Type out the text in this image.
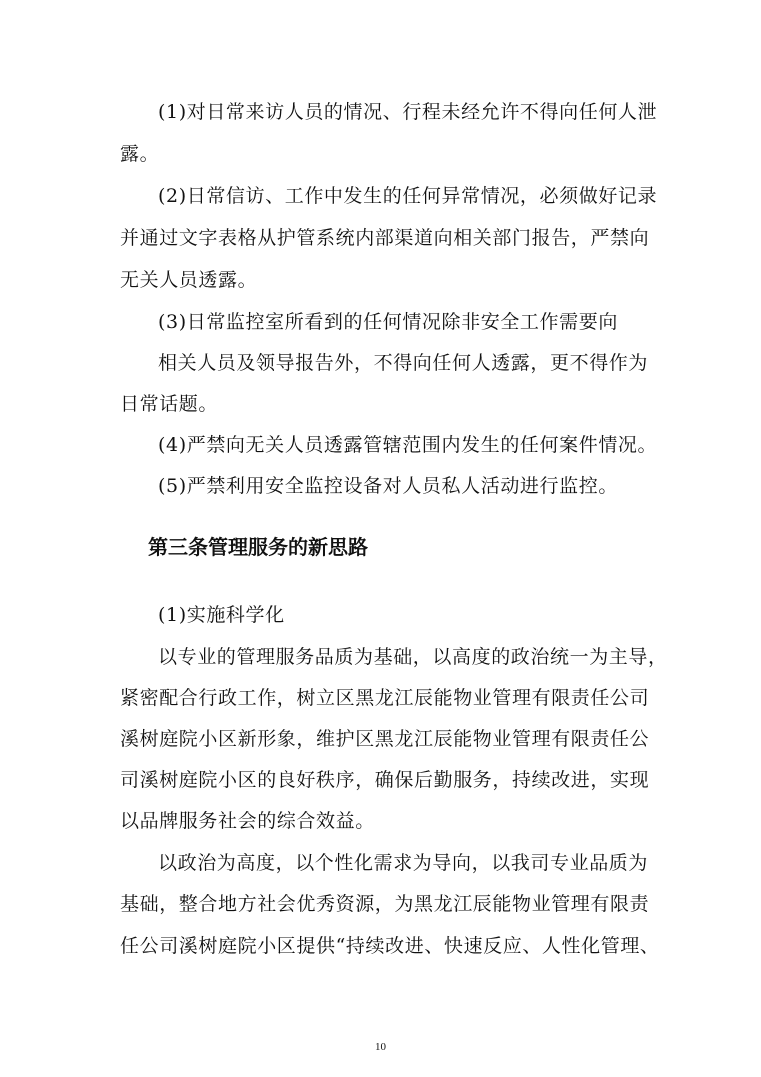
(1)对日常来访人员的情况、行程未经允许不得向任何人泄
露。
(2)日常信访、工作中发生的任何异常情况，必须做好记录
并通过文字表格从护管系统内部渠道向相关部门报告，严禁向
无关人员透露。
(3)日常监控室所看到的任何情况除非安全工作需要向
相关人员及领导报告外，不得向任何人透露，更不得作为
日常话题。
(4)严禁向无关人员透露管辖范围内发生的任何案件情况。
(5)严禁利用安全监控设备对人员私人活动进行监控。
第三条管理服务的新思路
(1)实施科学化
以专业的管理服务品质为基础，以高度的政治统一为主导，
紧密配合行政工作，树立区黑龙江辰能物业管理有限责任公司
溪树庭院小区新形象，维护区黑龙江辰能物业管理有限责任公
司溪树庭院小区的良好秩序，确保后勤服务，持续改进，实现
以品牌服务社会的综合效益。
以政治为高度，以个性化需求为导向，以我司专业品质为
基础，整合地方社会优秀资源，为黑龙江辰能物业管理有限责
任公司溪树庭院小区提供“持续改进、快速反应、人性化管理、
10
